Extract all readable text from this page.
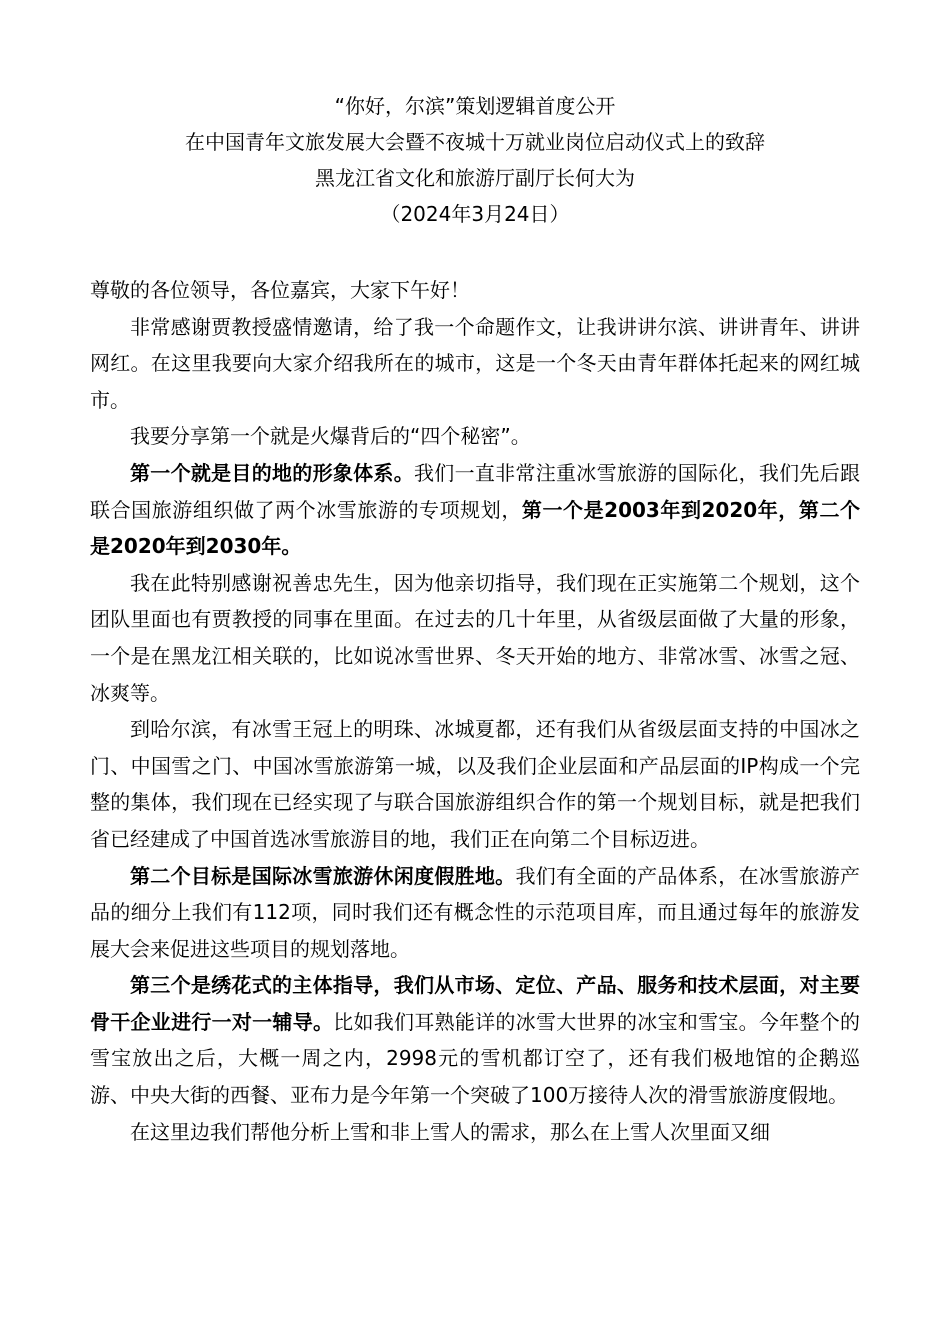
“你好，尔滨”策划逻辑首度公开
在中国青年文旅发展大会暨不夜城十万就业岗位启动仪式上的致辞
黑龙江省文化和旅游厅副厅长何大为
（2024年3月24日）

尊敬的各位领导，各位嘉宾，大家下午好！

非常感谢贾教授盛情邀请，给了我一个命题作文，让我讲讲尔滨、讲讲青年、讲讲网红。在这里我要向大家介绍我所在的城市，这是一个冬天由青年群体托起来的网红城市。

我要分享第一个就是火爆背后的“四个秘密”。

第一个就是目的地的形象体系。我们一直非常注重冰雪旅游的国际化，我们先后跟联合国旅游组织做了两个冰雪旅游的专项规划，第一个是2003年到2020年，第二个是2020年到2030年。

我在此特别感谢祝善忠先生，因为他亲切指导，我们现在正实施第二个规划，这个团队里面也有贾教授的同事在里面。在过去的几十年里，从省级层面做了大量的形象，一个是在黑龙江相关联的，比如说冰雪世界、冬天开始的地方、非常冰雪、冰雪之冠、冰爽等。

到哈尔滨，有冰雪王冠上的明珠、冰城夏都，还有我们从省级层面支持的中国冰之门、中国雪之门、中国冰雪旅游第一城，以及我们企业层面和产品层面的IP构成一个完整的集体，我们现在已经实现了与联合国旅游组织合作的第一个规划目标，就是把我们省已经建成了中国首选冰雪旅游目的地，我们正在向第二个目标迈进。

第二个目标是国际冰雪旅游休闲度假胜地。我们有全面的产品体系，在冰雪旅游产品的细分上我们有112项，同时我们还有概念性的示范项目库，而且通过每年的旅游发展大会来促进这些项目的规划落地。

第三个是绣花式的主体指导，我们从市场、定位、产品、服务和技术层面，对主要骨干企业进行一对一辅导。比如我们耳熟能详的冰雪大世界的冰宝和雪宝。今年整个的雪宝放出之后，大概一周之内，2998元的雪机都订空了，还有我们极地馆的企鹅巡游、中央大街的西餐、亚布力是今年第一个突破了100万接待人次的滑雪旅游度假地。

在这里边我们帮他分析上雪和非上雪人的需求，那么在上雪人次里面又细
